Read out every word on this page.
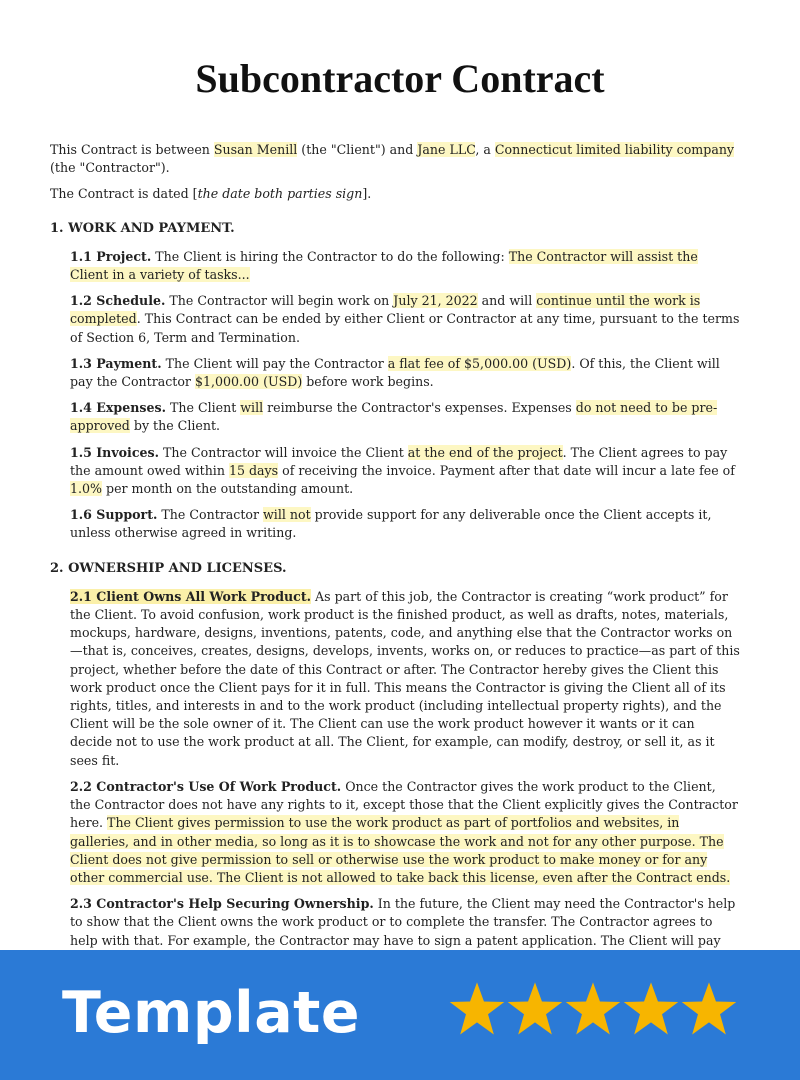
Subcontractor Contract

This Contract is between Susan Menill (the "Client") and Jane LLC, a Connecticut limited liability company (the "Contractor").

The Contract is dated [the date both parties sign].

1. WORK AND PAYMENT.

1.1 Project. The Client is hiring the Contractor to do the following: The Contractor will assist the Client in a variety of tasks...

1.2 Schedule. The Contractor will begin work on July 21, 2022 and will continue until the work is completed. This Contract can be ended by either Client or Contractor at any time, pursuant to the terms of Section 6, Term and Termination.

1.3 Payment. The Client will pay the Contractor a flat fee of $5,000.00 (USD). Of this, the Client will pay the Contractor $1,000.00 (USD) before work begins.

1.4 Expenses. The Client will reimburse the Contractor's expenses. Expenses do not need to be pre-approved by the Client.

1.5 Invoices. The Contractor will invoice the Client at the end of the project. The Client agrees to pay the amount owed within 15 days of receiving the invoice. Payment after that date will incur a late fee of 1.0% per month on the outstanding amount.

1.6 Support. The Contractor will not provide support for any deliverable once the Client accepts it, unless otherwise agreed in writing.

2. OWNERSHIP AND LICENSES.

2.1 Client Owns All Work Product. As part of this job, the Contractor is creating “work product” for the Client. To avoid confusion, work product is the finished product, as well as drafts, notes, materials, mockups, hardware, designs, inventions, patents, code, and anything else that the Contractor works on—that is, conceives, creates, designs, develops, invents, works on, or reduces to practice—as part of this project, whether before the date of this Contract or after. The Contractor hereby gives the Client this work product once the Client pays for it in full. This means the Contractor is giving the Client all of its rights, titles, and interests in and to the work product (including intellectual property rights), and the Client will be the sole owner of it. The Client can use the work product however it wants or it can decide not to use the work product at all. The Client, for example, can modify, destroy, or sell it, as it sees fit.

2.2 Contractor's Use Of Work Product. Once the Contractor gives the work product to the Client, the Contractor does not have any rights to it, except those that the Client explicitly gives the Contractor here. The Client gives permission to use the work product as part of portfolios and websites, in galleries, and in other media, so long as it is to showcase the work and not for any other purpose. The Client does not give permission to sell or otherwise use the work product to make money or for any other commercial use. The Client is not allowed to take back this license, even after the Contract ends.

2.3 Contractor's Help Securing Ownership. In the future, the Client may need the Contractor's help to show that the Client owns the work product or to complete the transfer. The Contractor agrees to help with that. For example, the Contractor may have to sign a patent application. The Client will pay

Template
